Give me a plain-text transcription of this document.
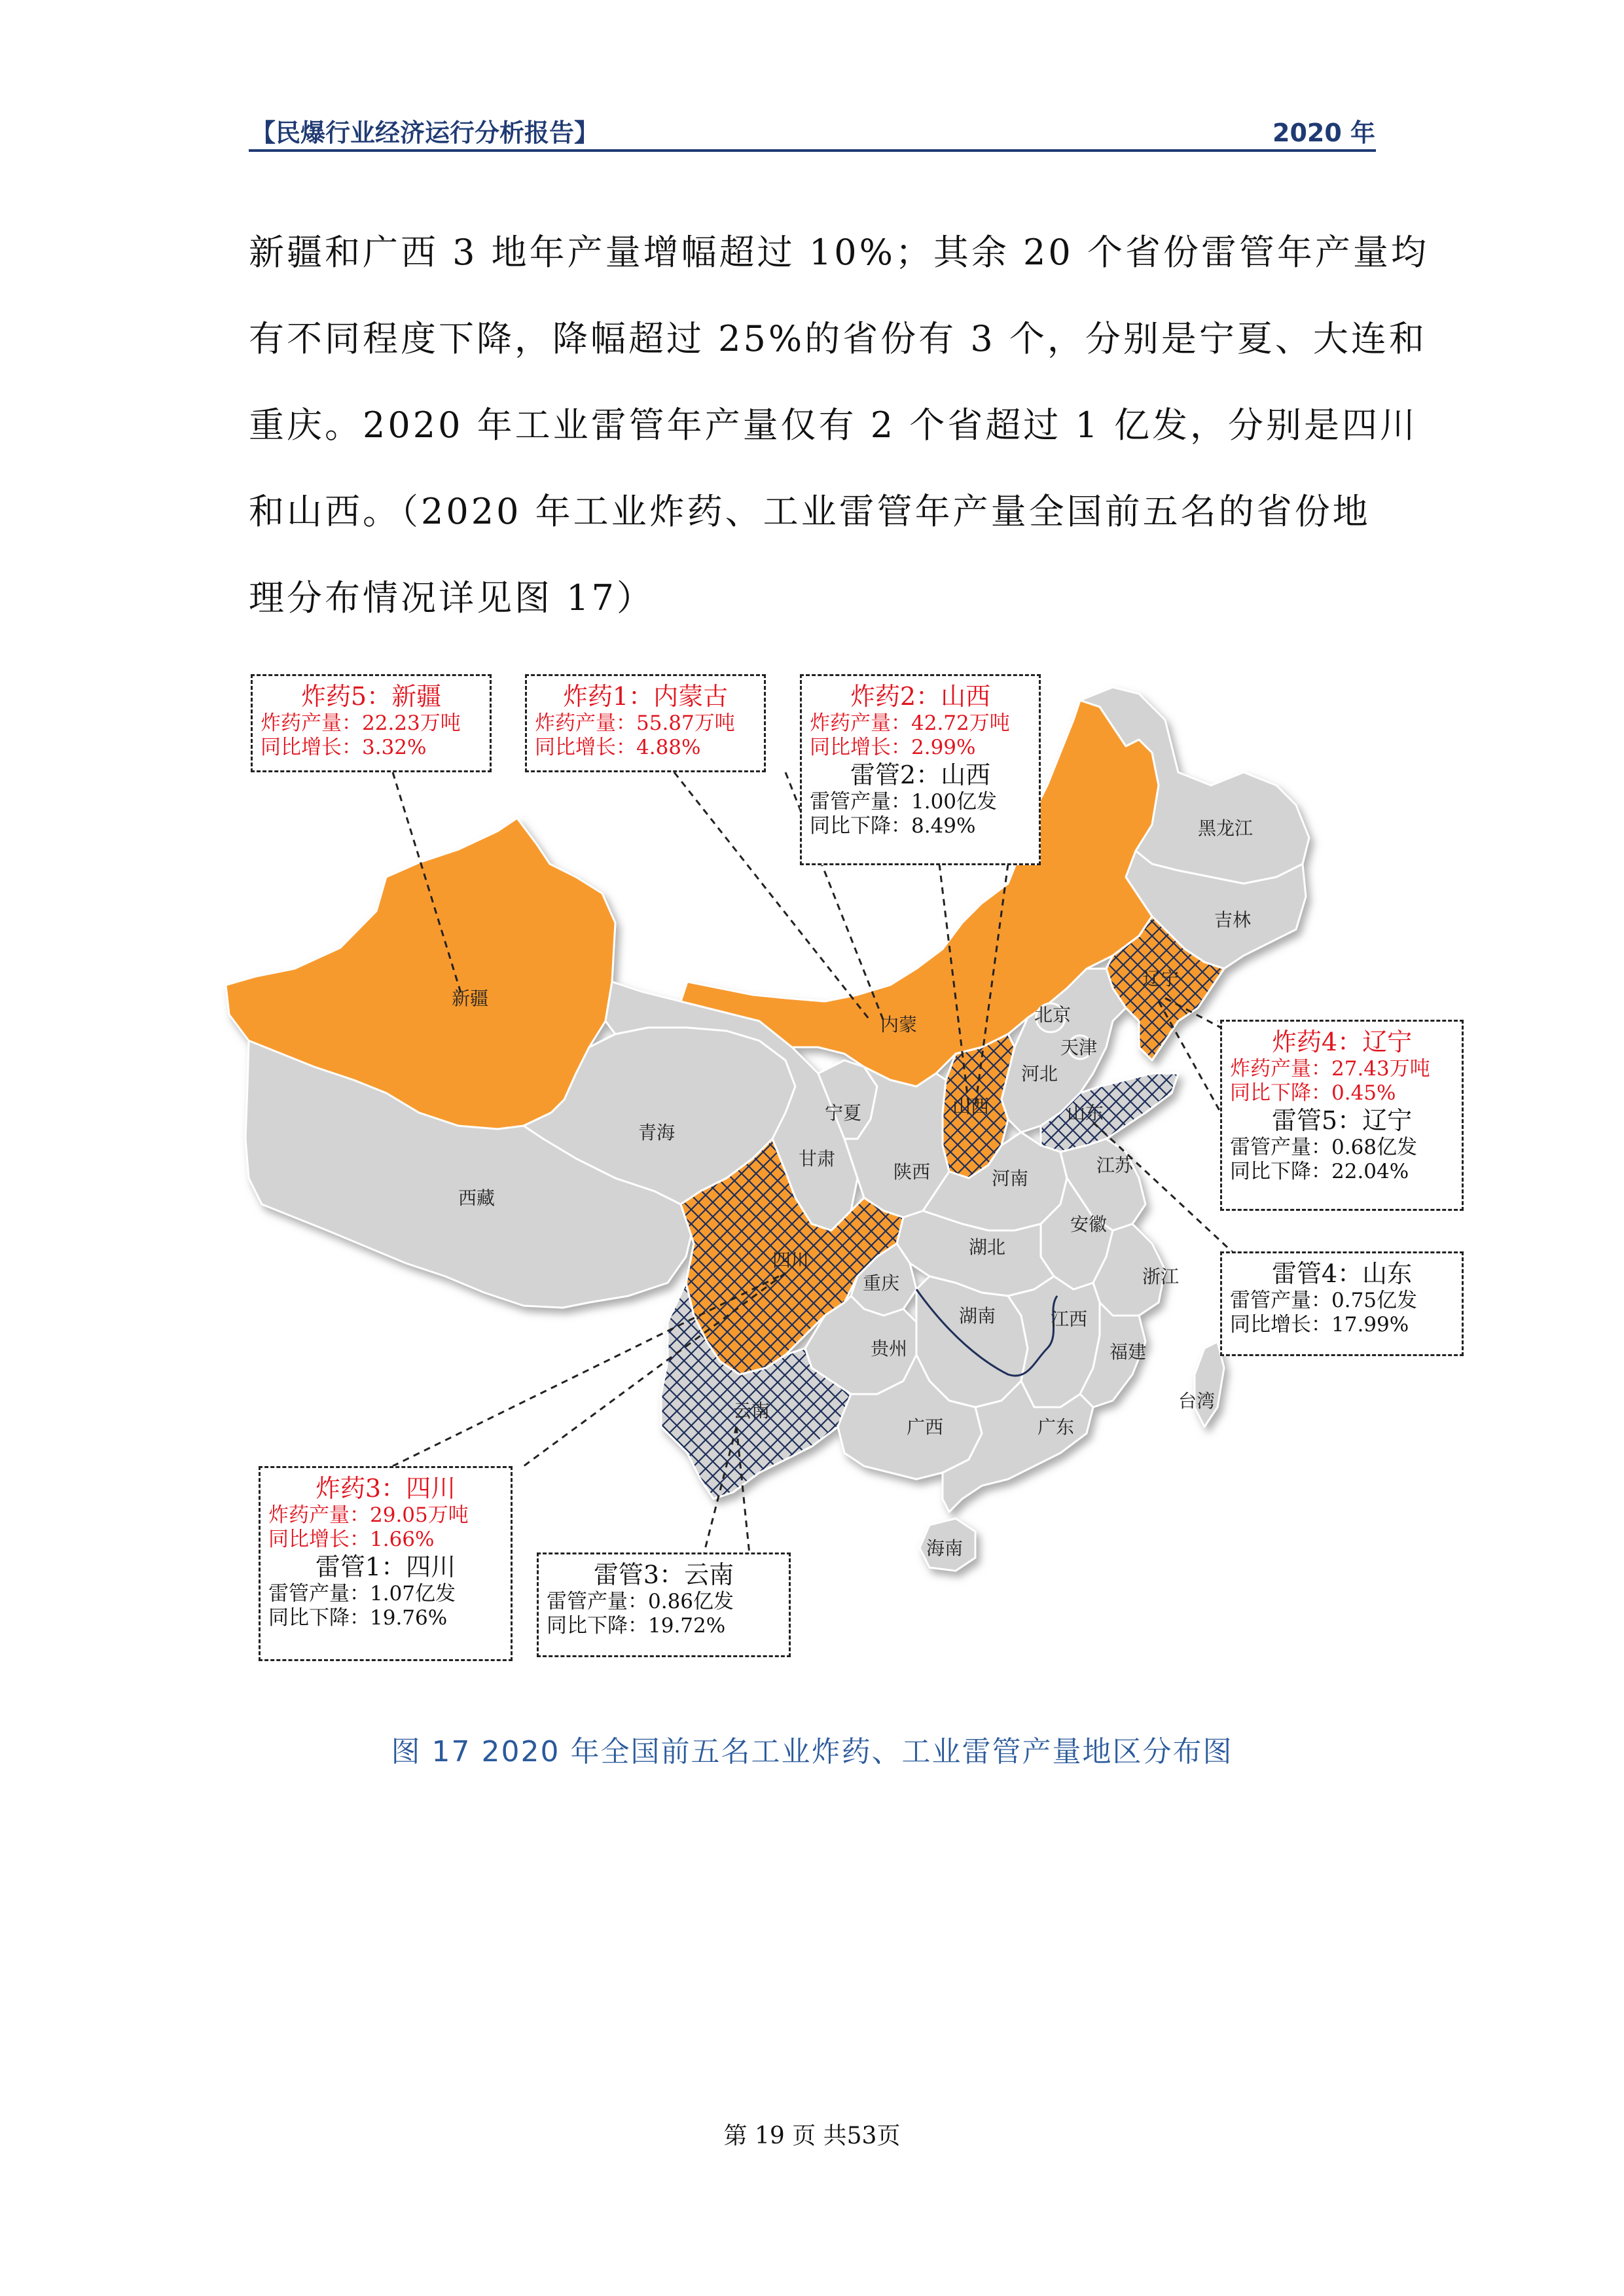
【民爆行业经济运行分析报告】	2020 年
新疆和广西 3 地年产量增幅超过 10%；其余 20 个省份雷管年产量均
有不同程度下降，降幅超过 25%的省份有 3 个，分别是宁夏、大连和
重庆。2020 年工业雷管年产量仅有 2 个省超过 1 亿发，分别是四川
和山西。（2020 年工业炸药、工业雷管年产量全国前五名的省份地
理分布情况详见图 17）
新疆
内蒙
黑龙江
吉林
辽宁
北京
天津
河北
山西	山东
青海
宁夏
甘肃
陕西	河南
江苏
安徽
西藏
四川
重庆
湖北
浙江
湖南	江西
贵州	福建
台湾
云南
广西	广东
海南
炸药5：新疆
炸药产量：22.23万吨
同比增长：3.32%
炸药1：内蒙古
炸药产量：55.87万吨
同比增长：4.88%
炸药2：山西
炸药产量：42.72万吨
同比增长：2.99%
雷管2：山西
雷管产量：1.00亿发
同比下降：8.49%
炸药4：辽宁
炸药产量：27.43万吨
同比下降：0.45%
雷管5：辽宁
雷管产量：0.68亿发
同比下降：22.04%
雷管4：山东
雷管产量：0.75亿发
同比增长：17.99%
炸药3：四川
炸药产量：29.05万吨
同比增长：1.66%
雷管1：四川
雷管产量：1.07亿发
同比下降：19.76%
雷管3：云南
雷管产量：0.86亿发
同比下降：19.72%
图 17 2020 年全国前五名工业炸药、工业雷管产量地区分布图
第 19 页 共53页
